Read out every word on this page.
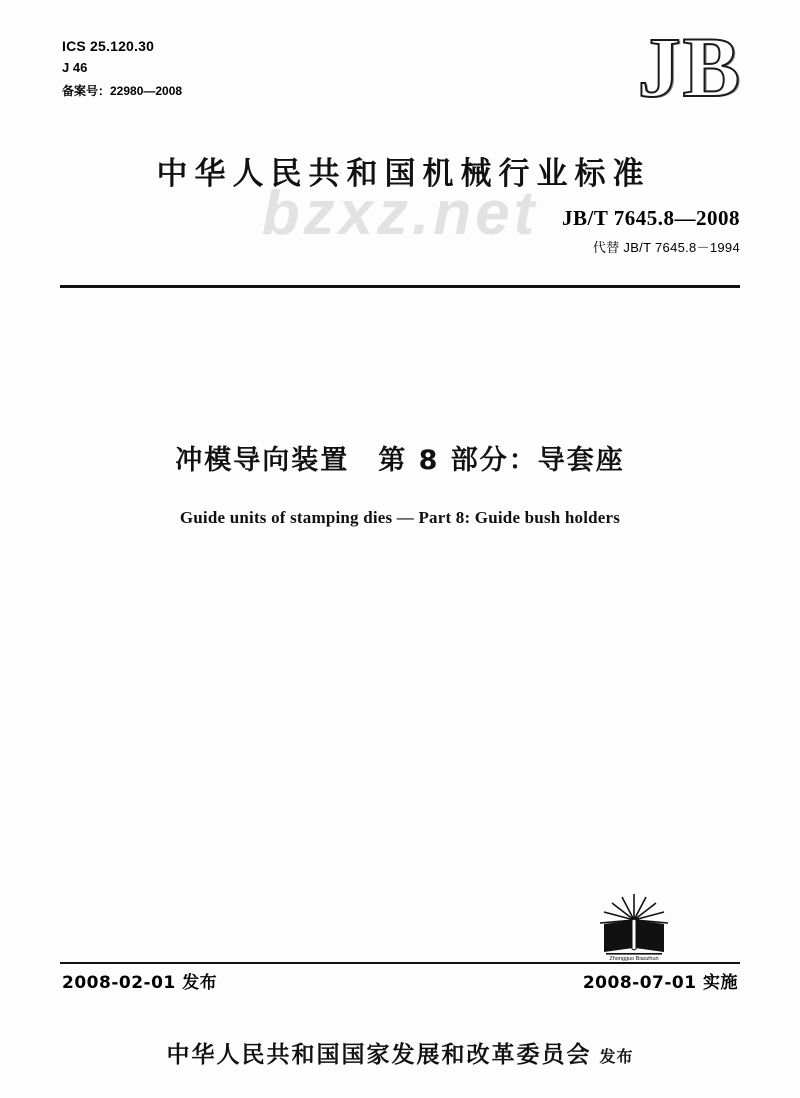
ICS 25.120.30
J 46
备案号：22980—2008	JB
bzxz.net
中华人民共和国机械行业标准
JB/T 7645.8—2008
代替 JB/T 7645.8－1994
冲模导向装置　第 8 部分：导套座
Guide units of stamping dies — Part 8: Guide bush holders
Zhongguo Biaozhun
2008-02-01 发布	2008-07-01 实施
中华人民共和国国家发展和改革委员会 发布
